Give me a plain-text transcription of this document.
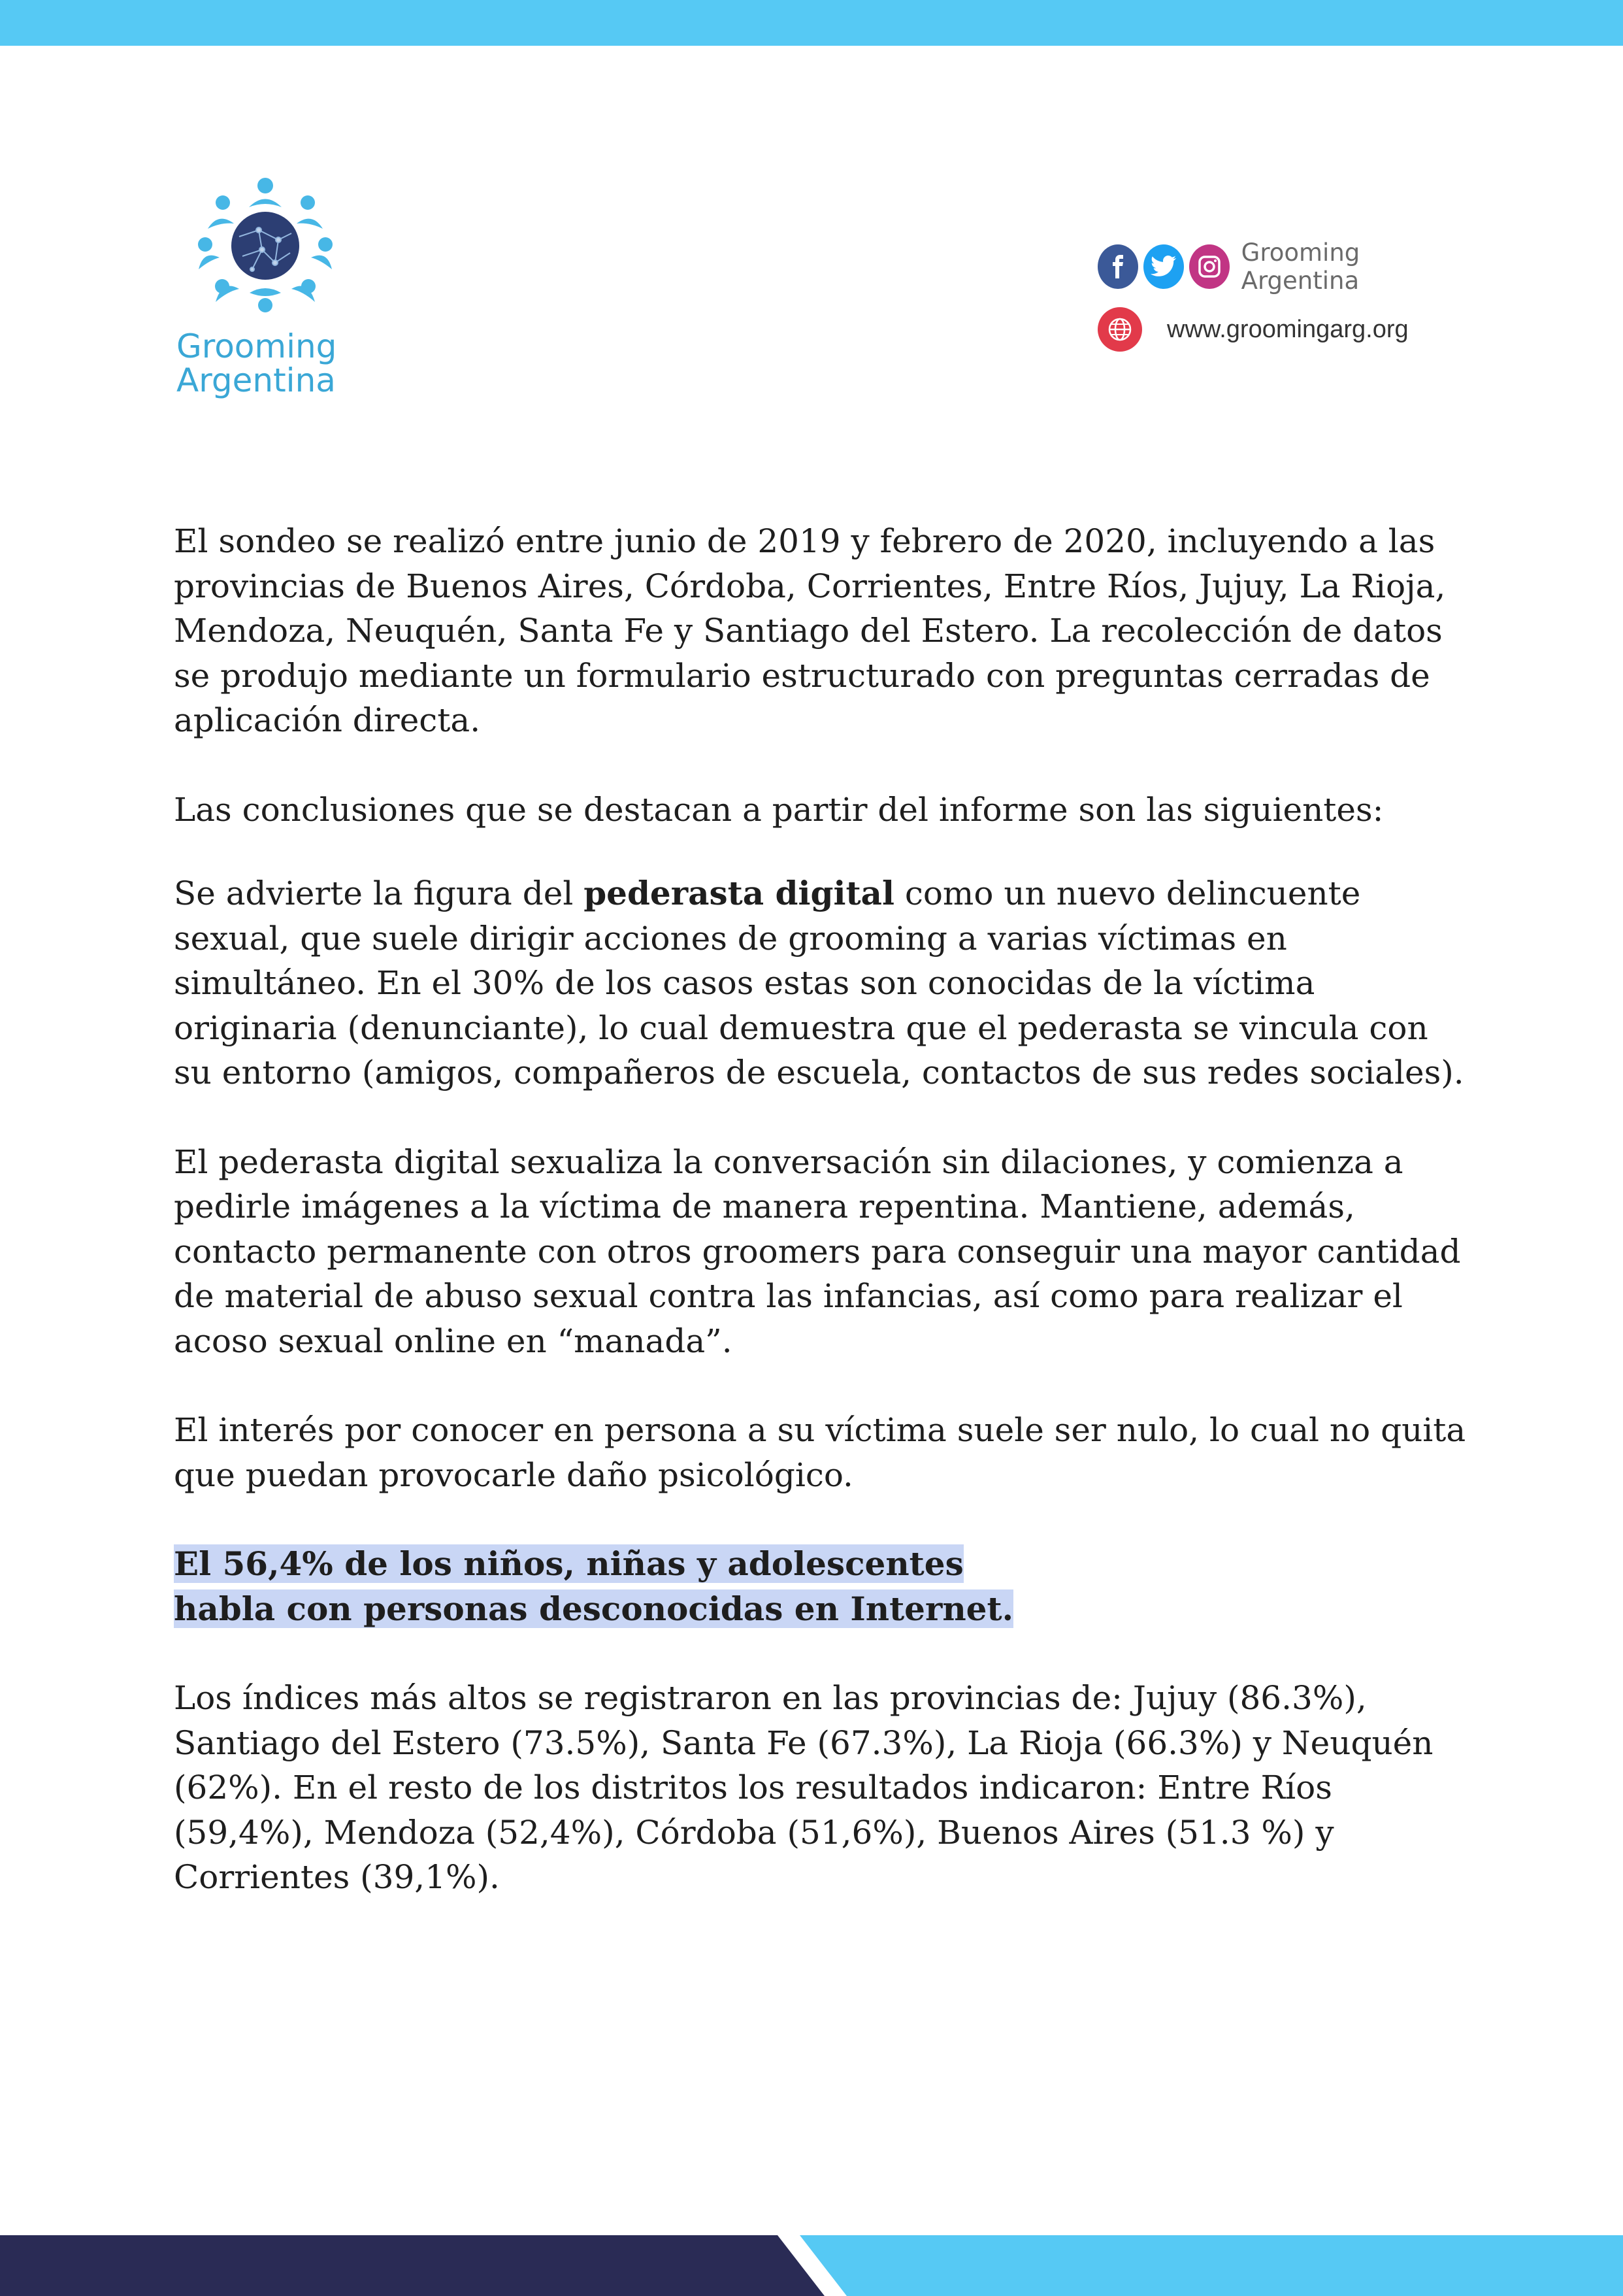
Grooming
Argentina
Grooming Argentina
www.groomingarg.org

El sondeo se realizó entre junio de 2019 y febrero de 2020, incluyendo a las provincias de Buenos Aires, Córdoba, Corrientes, Entre Ríos, Jujuy, La Rioja, Mendoza, Neuquén, Santa Fe y Santiago del Estero. La recolección de datos se produjo mediante un formulario estructurado con preguntas cerradas de aplicación directa.

Las conclusiones que se destacan a partir del informe son las siguientes:

Se advierte la figura del pederasta digital como un nuevo delincuente sexual, que suele dirigir acciones de grooming a varias víctimas en simultáneo. En el 30% de los casos estas son conocidas de la víctima originaria (denunciante), lo cual demuestra que el pederasta se vincula con su entorno (amigos, compañeros de escuela, contactos de sus redes sociales).

El pederasta digital sexualiza la conversación sin dilaciones, y comienza a pedirle imágenes a la víctima de manera repentina. Mantiene, además, contacto permanente con otros groomers para conseguir una mayor cantidad de material de abuso sexual contra las infancias, así como para realizar el acoso sexual online en “manada”.

El interés por conocer en persona a su víctima suele ser nulo, lo cual no quita que puedan provocarle daño psicológico.

El 56,4% de los niños, niñas y adolescentes habla con personas desconocidas en Internet.

Los índices más altos se registraron en las provincias de: Jujuy (86.3%), Santiago del Estero (73.5%), Santa Fe (67.3%), La Rioja (66.3%) y Neuquén (62%). En el resto de los distritos los resultados indicaron: Entre Ríos (59,4%), Mendoza (52,4%), Córdoba (51,6%), Buenos Aires (51.3 %) y Corrientes (39,1%).
